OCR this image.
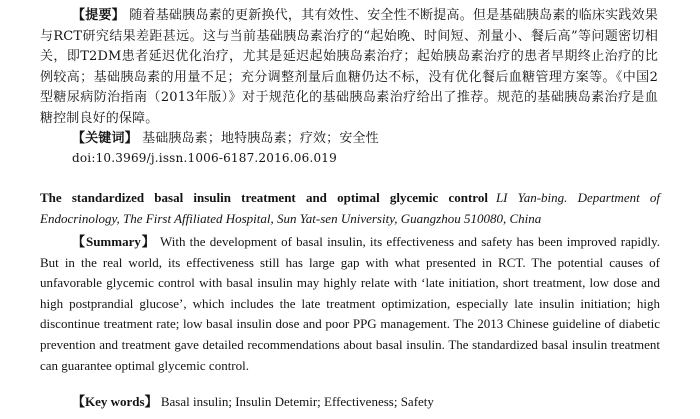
【提要】 随着基础胰岛素的更新换代，其有效性、安全性不断提高。但是基础胰岛素的临床实践效果与RCT研究结果差距甚远。这与当前基础胰岛素治疗的“起始晚、时间短、剂量小、餐后高”等问题密切相关，即T2DM患者延迟优化治疗，尤其是延迟起始胰岛素治疗；起始胰岛素治疗的患者早期终止治疗的比例较高；基础胰岛素的用量不足；充分调整剂量后血糖仍达不标，没有优化餐后血糖管理方案等。《中国2型糖尿病防治指南（2013年版）》对于规范化的基础胰岛素治疗给出了推荐。规范的基础胰岛素治疗是血糖控制良好的保障。
【关键词】 基础胰岛素；地特胰岛素；疗效；安全性
doi:10.3969/j.issn.1006-6187.2016.06.019
The standardized basal insulin treatment and optimal glycemic control LI Yan-bing. Department of Endocrinology, The First Affiliated Hospital, Sun Yat-sen University, Guangzhou 510080, China
【Summary】 With the development of basal insulin, its effectiveness and safety has been improved rapidly. But in the real world, its effectiveness still has large gap with what presented in RCT. The potential causes of unfavorable glycemic control with basal insulin may highly relate with ‘late initiation, short treatment, low dose and high postprandial glucose’, which includes the late treatment optimization, especially late insulin initiation; high discontinue treatment rate; low basal insulin dose and poor PPG management. The 2013 Chinese guideline of diabetic prevention and treatment gave detailed recommendations about basal insulin. The standardized basal insulin treatment can guarantee optimal glycemic control.
【Key words】 Basal insulin; Insulin Detemir; Effectiveness; Safety
